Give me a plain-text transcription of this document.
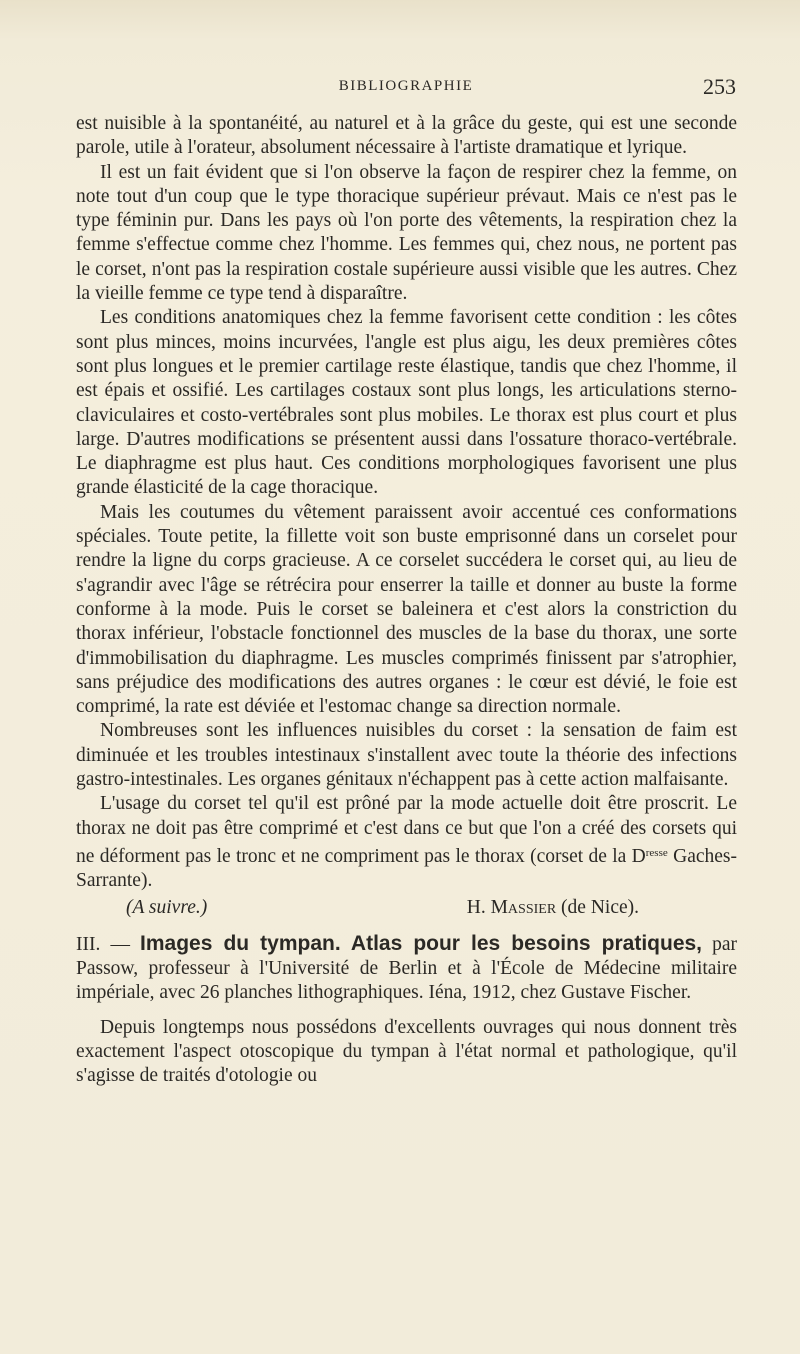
BIBLIOGRAPHIE	253

est nuisible à la spontanéité, au naturel et à la grâce du geste, qui est une seconde parole, utile à l'orateur, absolument nécessaire à l'artiste dramatique et lyrique.

Il est un fait évident que si l'on observe la façon de respirer chez la femme, on note tout d'un coup que le type thoracique supérieur prévaut. Mais ce n'est pas le type féminin pur. Dans les pays où l'on porte des vêtements, la respiration chez la femme s'effectue comme chez l'homme. Les femmes qui, chez nous, ne portent pas le corset, n'ont pas la respiration costale supérieure aussi visible que les autres. Chez la vieille femme ce type tend à disparaître.

Les conditions anatomiques chez la femme favorisent cette condition : les côtes sont plus minces, moins incurvées, l'angle est plus aigu, les deux premières côtes sont plus longues et le premier cartilage reste élastique, tandis que chez l'homme, il est épais et ossifié. Les cartilages costaux sont plus longs, les articulations sterno-claviculaires et costo-vertébrales sont plus mobiles. Le thorax est plus court et plus large. D'autres modifications se présentent aussi dans l'ossature thoraco-vertébrale. Le diaphragme est plus haut. Ces conditions morphologiques favorisent une plus grande élasticité de la cage thoracique.

Mais les coutumes du vêtement paraissent avoir accentué ces conformations spéciales. Toute petite, la fillette voit son buste emprisonné dans un corselet pour rendre la ligne du corps gracieuse. A ce corselet succédera le corset qui, au lieu de s'agrandir avec l'âge se rétrécira pour enserrer la taille et donner au buste la forme conforme à la mode. Puis le corset se baleinera et c'est alors la constriction du thorax inférieur, l'obstacle fonctionnel des muscles de la base du thorax, une sorte d'immobilisation du diaphragme. Les muscles comprimés finissent par s'atrophier, sans préjudice des modifications des autres organes : le cœur est dévié, le foie est comprimé, la rate est déviée et l'estomac change sa direction normale.

Nombreuses sont les influences nuisibles du corset : la sensation de faim est diminuée et les troubles intestinaux s'installent avec toute la théorie des infections gastro-intestinales. Les organes génitaux n'échappent pas à cette action malfaisante.

L'usage du corset tel qu'il est prôné par la mode actuelle doit être proscrit. Le thorax ne doit pas être comprimé et c'est dans ce but que l'on a créé des corsets qui ne déforment pas le tronc et ne compriment pas le thorax (corset de la $D^{resse}$ Gaches-Sarrante).

(A suivre.)	H. Massier (de Nice).

III. — Images du tympan. Atlas pour les besoins pratiques, par Passow, professeur à l'Université de Berlin et à l'École de Médecine militaire impériale, avec 26 planches lithographiques. Iéna, 1912, chez Gustave Fischer.

Depuis longtemps nous possédons d'excellents ouvrages qui nous donnent très exactement l'aspect otoscopique du tympan à l'état normal et pathologique, qu'il s'agisse de traités d'otologie ou
